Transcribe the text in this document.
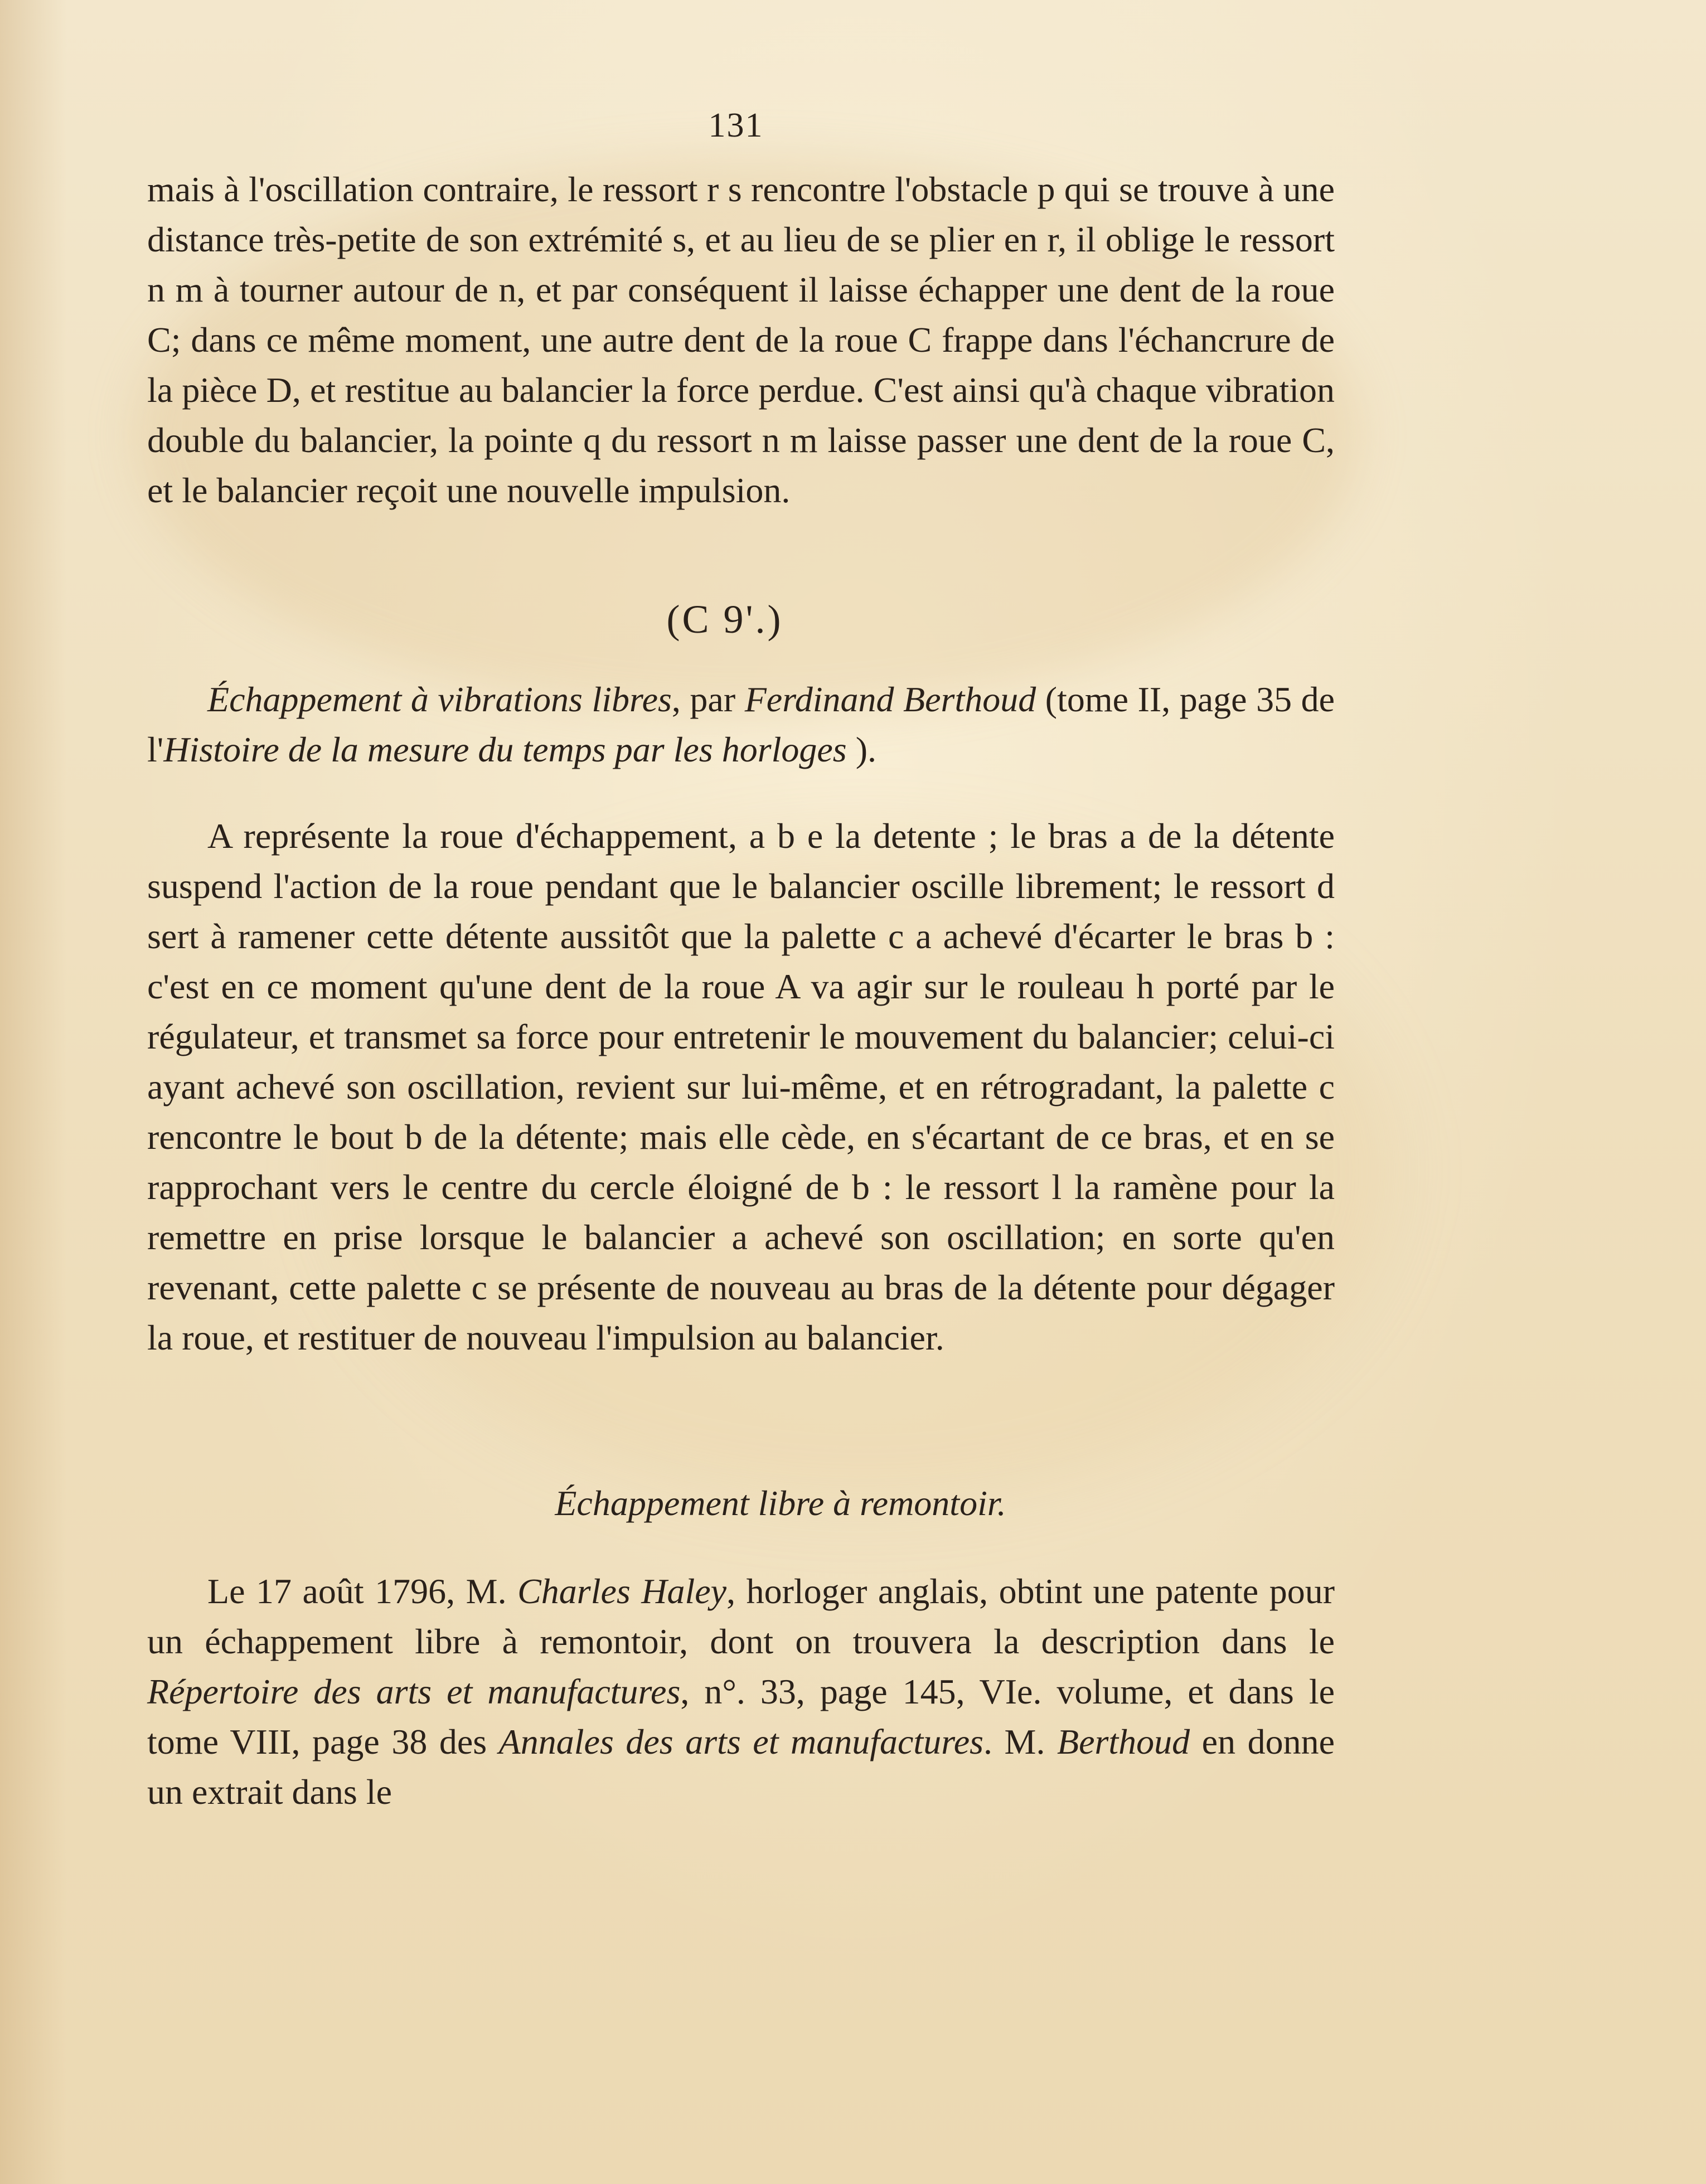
131

mais à l'oscillation contraire, le ressort r s rencontre l'obstacle p qui se trouve à une distance très-petite de son extrémité s, et au lieu de se plier en r, il oblige le ressort n m à tourner autour de n, et par conséquent il laisse échapper une dent de la roue C; dans ce même moment, une autre dent de la roue C frappe dans l'échancrure de la pièce D, et restitue au balancier la force perdue. C'est ainsi qu'à chaque vibration double du balancier, la pointe q du ressort n m laisse passer une dent de la roue C, et le balancier reçoit une nouvelle impulsion.

(C 9'.)

Échappement à vibrations libres, par Ferdinand Berthoud (tome II, page 35 de l'Histoire de la mesure du temps par les horloges ).

A représente la roue d'échappement, a b e la detente ; le bras a de la détente suspend l'action de la roue pendant que le balancier oscille librement; le ressort d sert à ramener cette détente aussitôt que la palette c a achevé d'écarter le bras b : c'est en ce moment qu'une dent de la roue A va agir sur le rouleau h porté par le régulateur, et transmet sa force pour entretenir le mouvement du balancier; celui-ci ayant achevé son oscillation, revient sur lui-même, et en rétrogradant, la palette c rencontre le bout b de la détente; mais elle cède, en s'écartant de ce bras, et en se rapprochant vers le centre du cercle éloigné de b : le ressort l la ramène pour la remettre en prise lorsque le balancier a achevé son oscillation; en sorte qu'en revenant, cette palette c se présente de nouveau au bras de la détente pour dégager la roue, et restituer de nouveau l'impulsion au balancier.

Échappement libre à remontoir.

Le 17 août 1796, M. Charles Haley, horloger anglais, obtint une patente pour un échappement libre à remontoir, dont on trouvera la description dans le Répertoire des arts et manufactures, n°. 33, page 145, VIe. volume, et dans le tome VIII, page 38 des Annales des arts et manufactures. M. Berthoud en donne un extrait dans le
